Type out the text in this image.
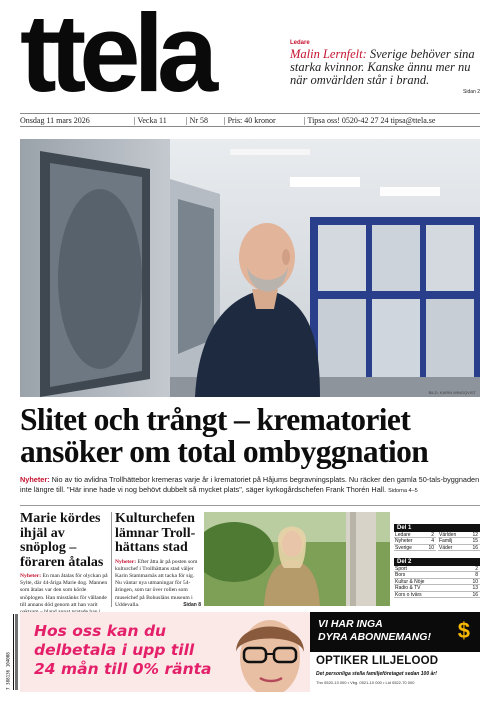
ttela	Ledare
Malin Lernfelt: Sverige behöver sina starka kvinnor. Kanske ännu mer nu när omvärlden står i brand.
Sidan 2
Onsdag 11 mars 2026	| Vecka 11 | Nr 58 | Pris: 40 kronor	| Tipsa oss! 0520-42 27 24 tipsa@ttela.se
BILD: KARIN WINGQVIST
Slitet och trångt – krematoriet
ansöker om total ombyggnation
Nyheter: Nio av tio avlidna Trollhättebor kremeras varje år i krematoriet på Håjums begravningsplats. Nu räcker den gamla 50-tals-byggnaden inte längre till. "Här inne hade vi nog behövt dubbelt så mycket plats", säger kyrkogårdschefen Frank Thorén Hall. Sidorna 4–5
Marie kördes ihjäl av snöplog – föraren åtalas

Nyheter: En man åtalas för olyckan på Sylte, där 44-åriga Marie dog. Mannen som åtalas var den som körde snöplogen. Han misstänks för vållande till annans död genom att han varit

Kulturchefen lämnar Troll-hättans stad

Nyheter: Efter åtta år på posten som kulturchef i Trollhättans stad väljer Karin Stammarnäs att tacka för sig. Nu väntar nya utmaningar för 54-åringen, som tar över rollen som museichef på Bohusläns museum i Uddevalla.	Sidan 8

Del 1
Ledare	2
Nyheter	4
Sverige	10
Världen	12
Familj	15
Väder	16
Del 2
Sport	2
Bors	8
Kultur & Nöje	10
Radio & TV	13
Kors o tvärs	16
7 388136 104008
Hos oss kan du
delbetala i upp till
24 mån till 0% ränta
VI HAR INGA
DYRA ABONNEMANG! $
OPTIKER LILJELOOD
Det personliga stella familjeföretaget sedan 100 år!
Thn 0520-13 000 • Vbg. 0521-10 000 • Lid 0522-70 000
